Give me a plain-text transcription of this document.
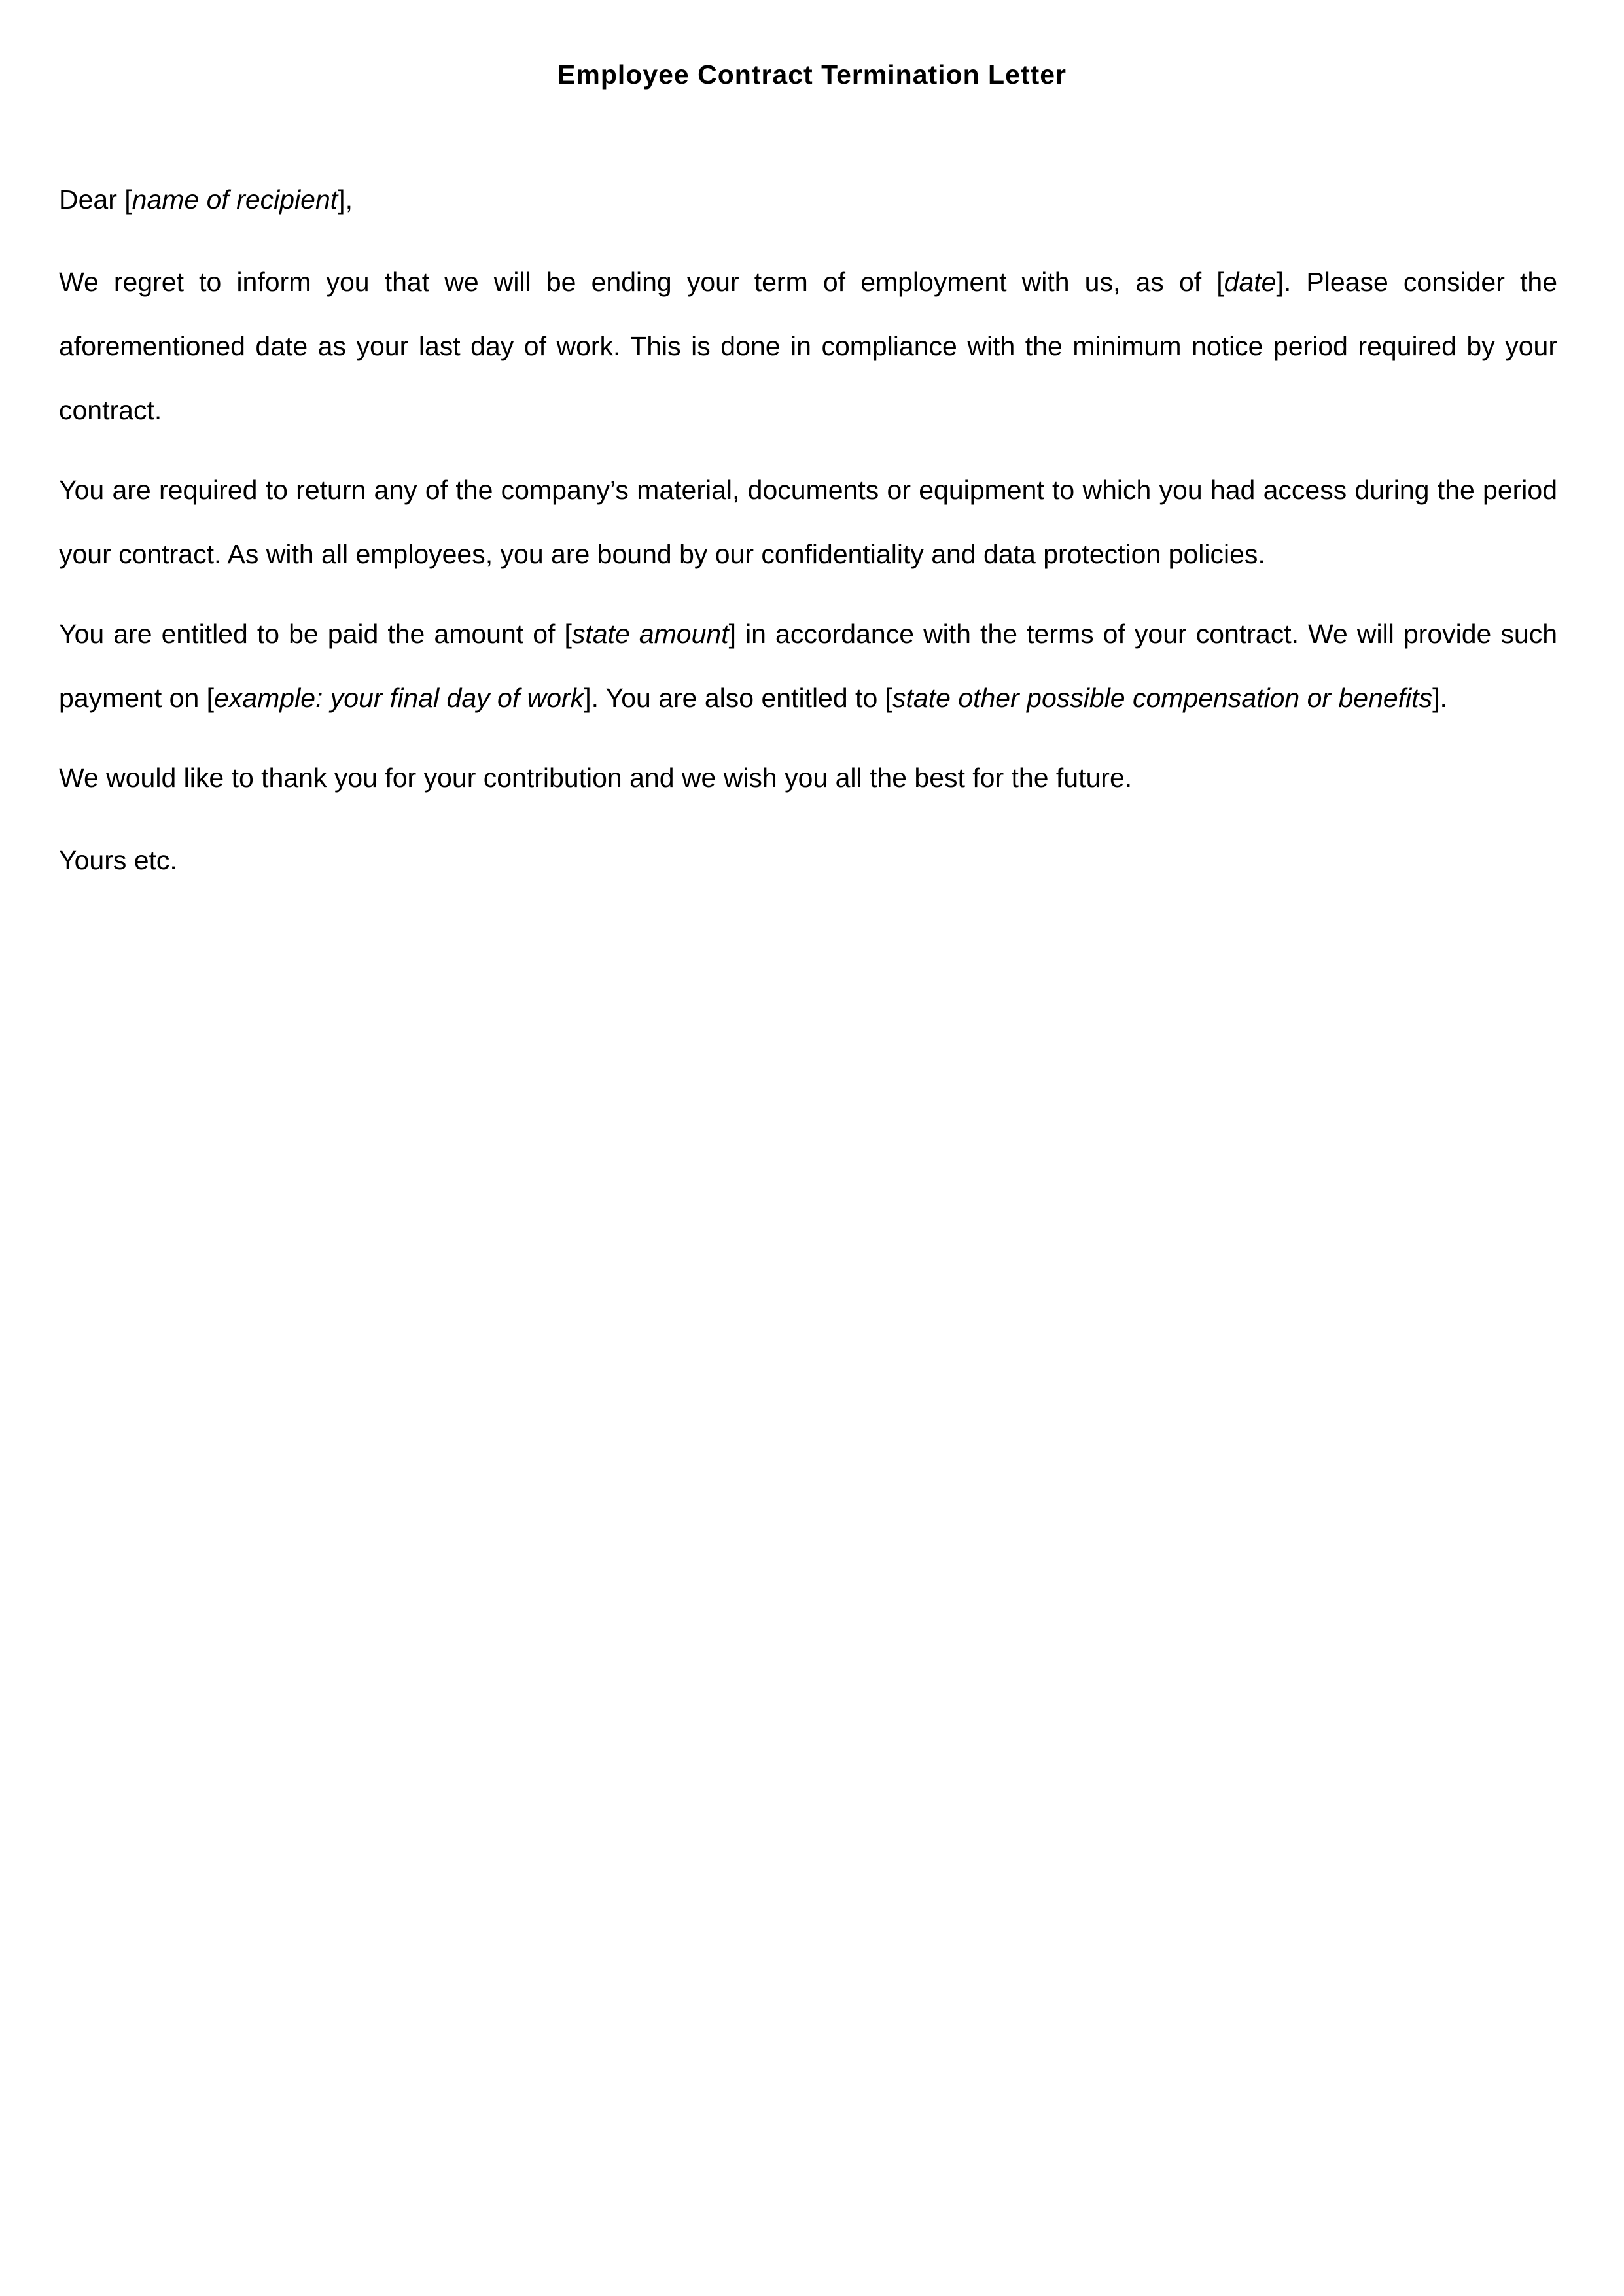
Employee Contract Termination Letter

Dear [name of recipient],

We regret to inform you that we will be ending your term of employment with us, as of [date]. Please consider the aforementioned date as your last day of work. This is done in compliance with the minimum notice period required by your contract.

You are required to return any of the company’s material, documents or equipment to which you had access during the period your contract. As with all employees, you are bound by our confidentiality and data protection policies.

You are entitled to be paid the amount of [state amount] in accordance with the terms of your contract. We will provide such payment on [example: your final day of work]. You are also entitled to [state other possible compensation or benefits].

We would like to thank you for your contribution and we wish you all the best for the future.

Yours etc.
